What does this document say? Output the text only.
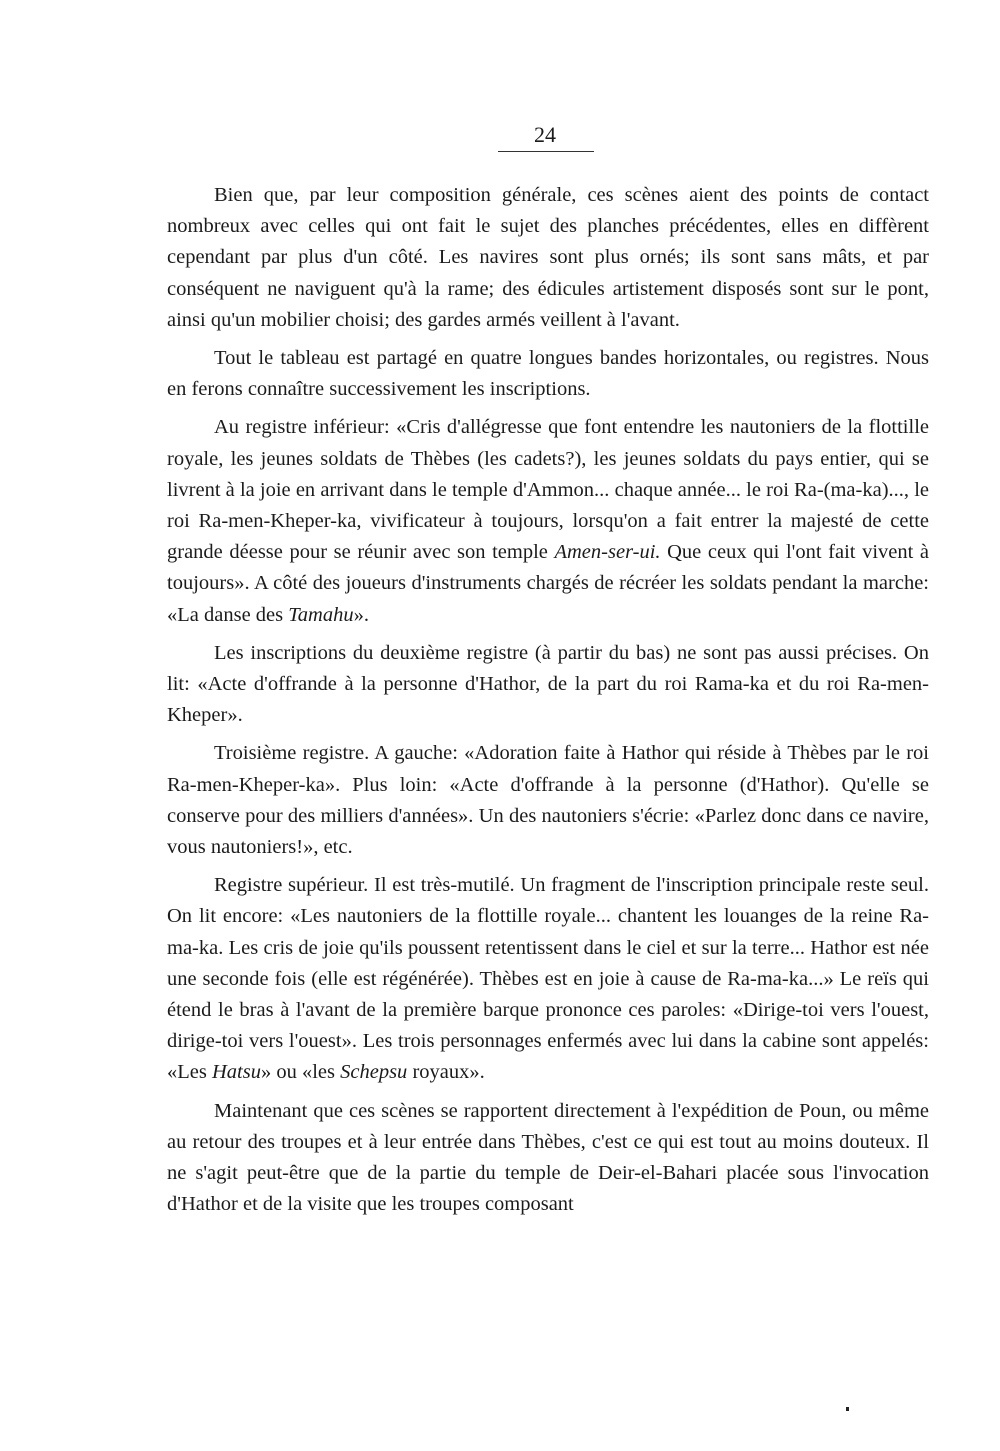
24

Bien que, par leur composition générale, ces scènes aient des points de contact nombreux avec celles qui ont fait le sujet des planches précédentes, elles en diffèrent cependant par plus d'un côté. Les navires sont plus ornés; ils sont sans mâts, et par conséquent ne naviguent qu'à la rame; des édicules artistement disposés sont sur le pont, ainsi qu'un mobilier choisi; des gardes armés veillent à l'avant.

Tout le tableau est partagé en quatre longues bandes horizontales, ou registres. Nous en ferons connaître successivement les inscriptions.

Au registre inférieur: «Cris d'allégresse que font entendre les nautoniers de la flottille royale, les jeunes soldats de Thèbes (les cadets?), les jeunes soldats du pays entier, qui se livrent à la joie en arrivant dans le temple d'Ammon... chaque année... le roi Ra-(ma-ka)..., le roi Ra-men-Kheper-ka, vivificateur à toujours, lorsqu'on a fait entrer la majesté de cette grande déesse pour se réunir avec son temple Amen-ser-ui. Que ceux qui l'ont fait vivent à toujours». A côté des joueurs d'instruments chargés de récréer les soldats pendant la marche: «La danse des Tamahu».

Les inscriptions du deuxième registre (à partir du bas) ne sont pas aussi précises. On lit: «Acte d'offrande à la personne d'Hathor, de la part du roi Rama-ka et du roi Ra-men-Kheper».

Troisième registre. A gauche: «Adoration faite à Hathor qui réside à Thèbes par le roi Ra-men-Kheper-ka». Plus loin: «Acte d'offrande à la personne (d'Hathor). Qu'elle se conserve pour des milliers d'années». Un des nautoniers s'écrie: «Parlez donc dans ce navire, vous nautoniers!», etc.

Registre supérieur. Il est très-mutilé. Un fragment de l'inscription principale reste seul. On lit encore: «Les nautoniers de la flottille royale... chantent les louanges de la reine Ra-ma-ka. Les cris de joie qu'ils poussent retentissent dans le ciel et sur la terre... Hathor est née une seconde fois (elle est régénérée). Thèbes est en joie à cause de Ra-ma-ka...» Le reïs qui étend le bras à l'avant de la première barque prononce ces paroles: «Dirige-toi vers l'ouest, dirige-toi vers l'ouest». Les trois personnages enfermés avec lui dans la cabine sont appelés: «Les Hatsu» ou «les Schepsu royaux».

Maintenant que ces scènes se rapportent directement à l'expédition de Poun, ou même au retour des troupes et à leur entrée dans Thèbes, c'est ce qui est tout au moins douteux. Il ne s'agit peut-être que de la partie du temple de Deir-el-Bahari placée sous l'invocation d'Hathor et de la visite que les troupes composant
